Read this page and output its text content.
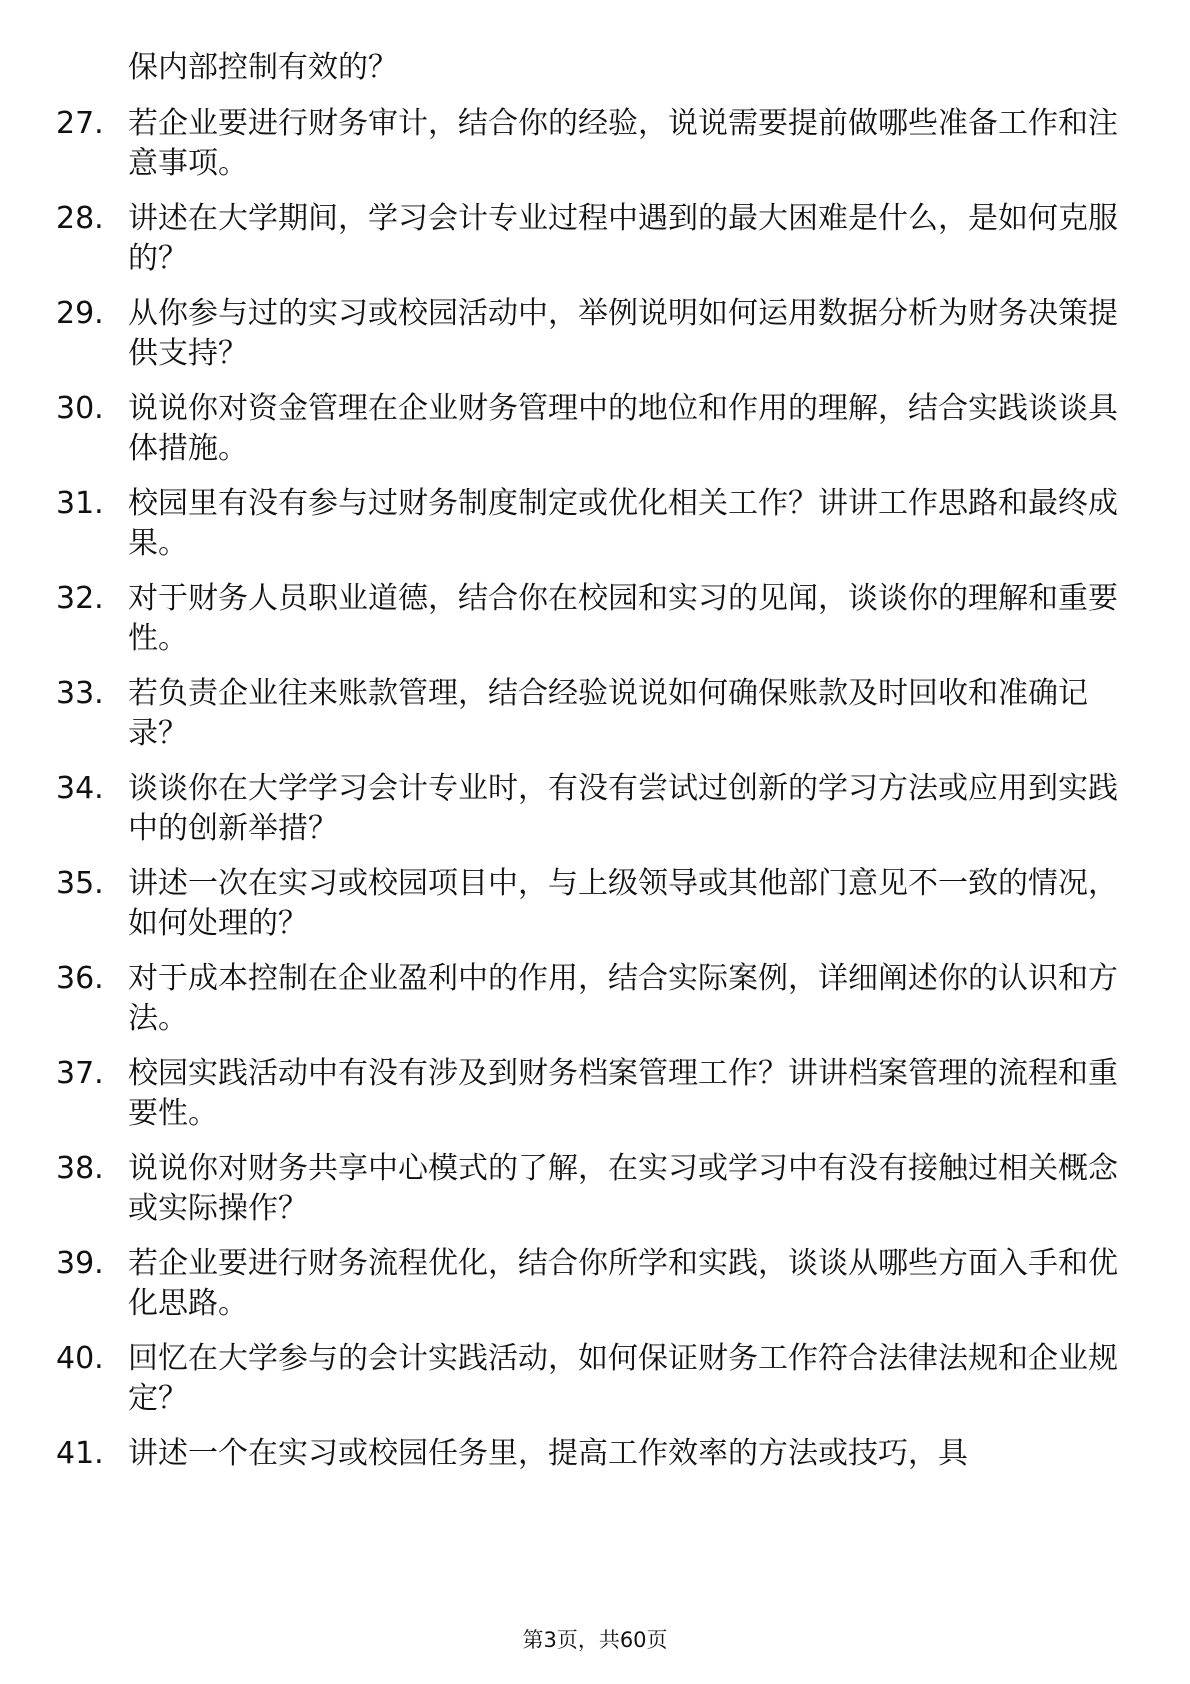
保内部控制有效的？
27. 若企业要进行财务审计，结合你的经验，说说需要提前做哪些准备工作和注意事项。
28. 讲述在大学期间，学习会计专业过程中遇到的最大困难是什么，是如何克服的？
29. 从你参与过的实习或校园活动中，举例说明如何运用数据分析为财务决策提供支持？
30. 说说你对资金管理在企业财务管理中的地位和作用的理解，结合实践谈谈具体措施。
31. 校园里有没有参与过财务制度制定或优化相关工作？讲讲工作思路和最终成果。
32. 对于财务人员职业道德，结合你在校园和实习的见闻，谈谈你的理解和重要性。
33. 若负责企业往来账款管理，结合经验说说如何确保账款及时回收和准确记录？
34. 谈谈你在大学学习会计专业时，有没有尝试过创新的学习方法或应用到实践中的创新举措？
35. 讲述一次在实习或校园项目中，与上级领导或其他部门意见不一致的情况，如何处理的？
36. 对于成本控制在企业盈利中的作用，结合实际案例，详细阐述你的认识和方法。
37. 校园实践活动中有没有涉及到财务档案管理工作？讲讲档案管理的流程和重要性。
38. 说说你对财务共享中心模式的了解，在实习或学习中有没有接触过相关概念或实际操作？
39. 若企业要进行财务流程优化，结合你所学和实践，谈谈从哪些方面入手和优化思路。
40. 回忆在大学参与的会计实践活动，如何保证财务工作符合法律法规和企业规定？
41. 讲述一个在实习或校园任务里，提高工作效率的方法或技巧，具
第3页，共60页
